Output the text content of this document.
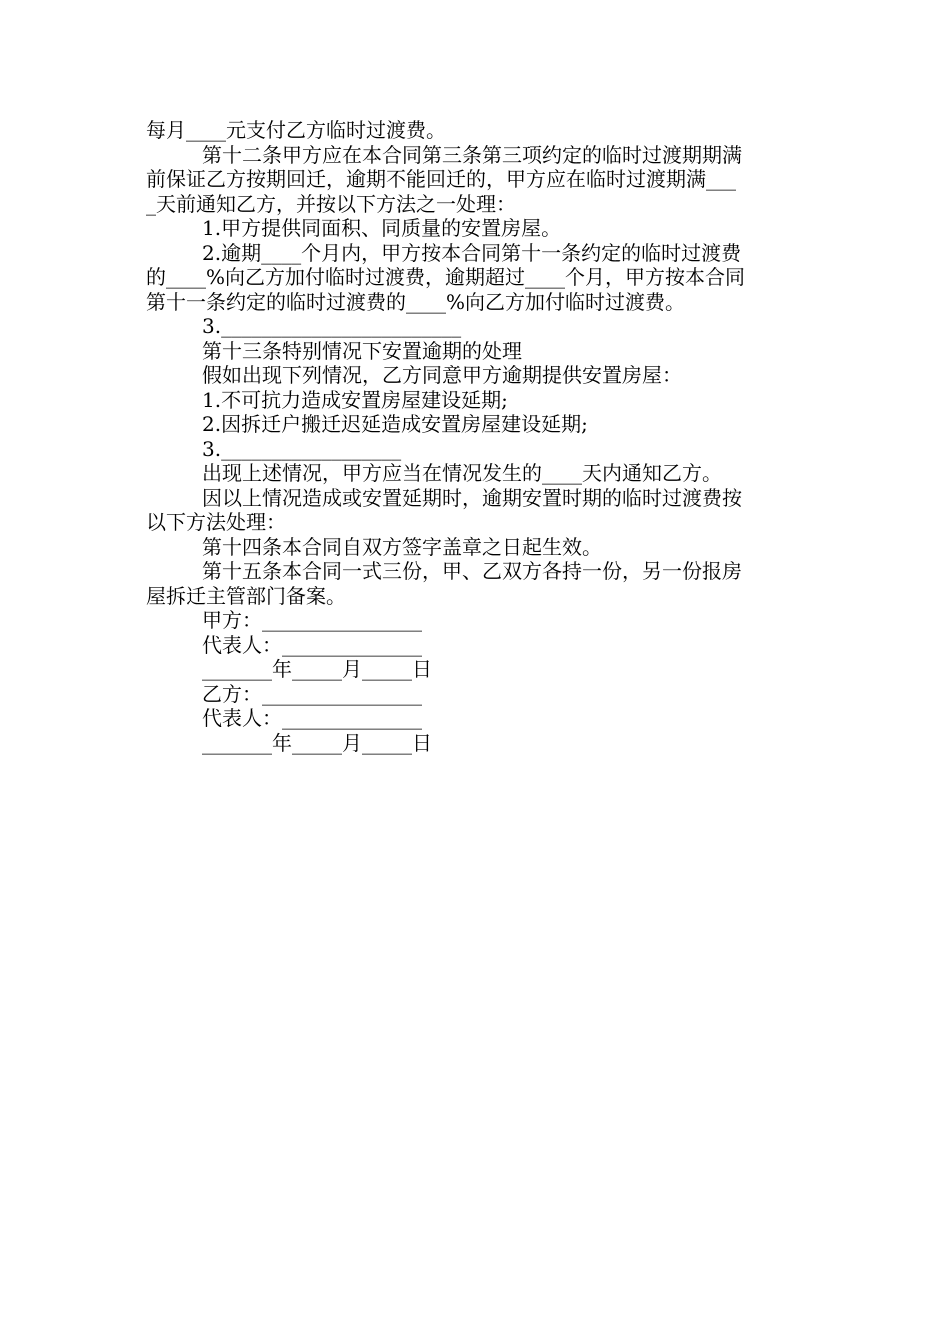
每月____元支付乙方临时过渡费。
第十二条甲方应在本合同第三条第三项约定的临时过渡期期满
前保证乙方按期回迁，逾期不能回迁的，甲方应在临时过渡期满___
_天前通知乙方，并按以下方法之一处理：
1.甲方提供同面积、同质量的安置房屋。
2.逾期____个月内，甲方按本合同第十一条约定的临时过渡费
的____%向乙方加付临时过渡费，逾期超过____个月，甲方按本合同
第十一条约定的临时过渡费的____%向乙方加付临时过渡费。
3.________________________
第十三条特别情况下安置逾期的处理
假如出现下列情况，乙方同意甲方逾期提供安置房屋：
1.不可抗力造成安置房屋建设延期;
2.因拆迁户搬迁迟延造成安置房屋建设延期;
3.__________________
出现上述情况，甲方应当在情况发生的____天内通知乙方。
因以上情况造成或安置延期时，逾期安置时期的临时过渡费按
以下方法处理：
第十四条本合同自双方签字盖章之日起生效。
第十五条本合同一式三份，甲、乙双方各持一份，另一份报房
屋拆迁主管部门备案。
甲方：________________
代表人：______________
_______年_____月_____日
乙方：________________
代表人：______________
_______年_____月_____日
